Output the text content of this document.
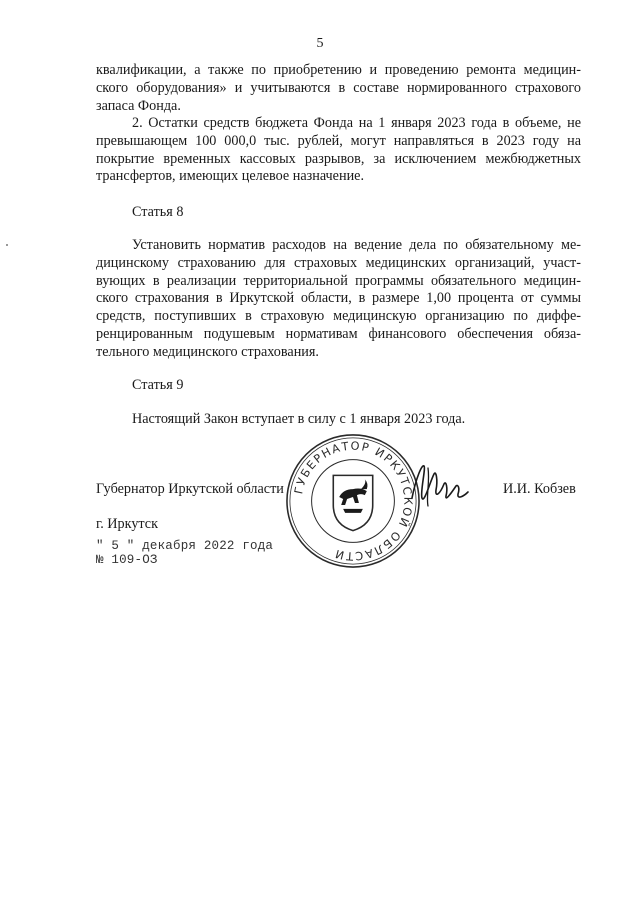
5
квалификации, а также по приобретению и проведению ремонта медицин-
ского оборудования» и учитываются в составе нормированного страхового
запаса Фонда.
2. Остатки средств бюджета Фонда на 1 января 2023 года в объеме, не
превышающем 100 000,0 тыс. рублей, могут направляться в 2023 году на
покрытие временных кассовых разрывов, за исключением межбюджетных
трансфертов, имеющих целевое назначение.
Статья 8
Установить норматив расходов на ведение дела по обязательному ме-
дицинскому страхованию для страховых медицинских организаций, участ-
вующих в реализации территориальной программы обязательного медицин-
ского страхования в Иркутской области, в размере 1,00 процента от суммы
средств, поступивших в страховую медицинскую организацию по диффе-
ренцированным подушевым нормативам финансового обеспечения обяза-
тельного медицинского страхования.
Статья 9
Настоящий Закон вступает в силу с 1 января 2023 года.
Губернатор Иркутской области	И.И. Кобзев
г. Иркутск
" 5 " декабря 2022 года
№ 109-ОЗ
ГУБЕРНАТОР ИРКУТСКОЙ ОБЛАСТИ
